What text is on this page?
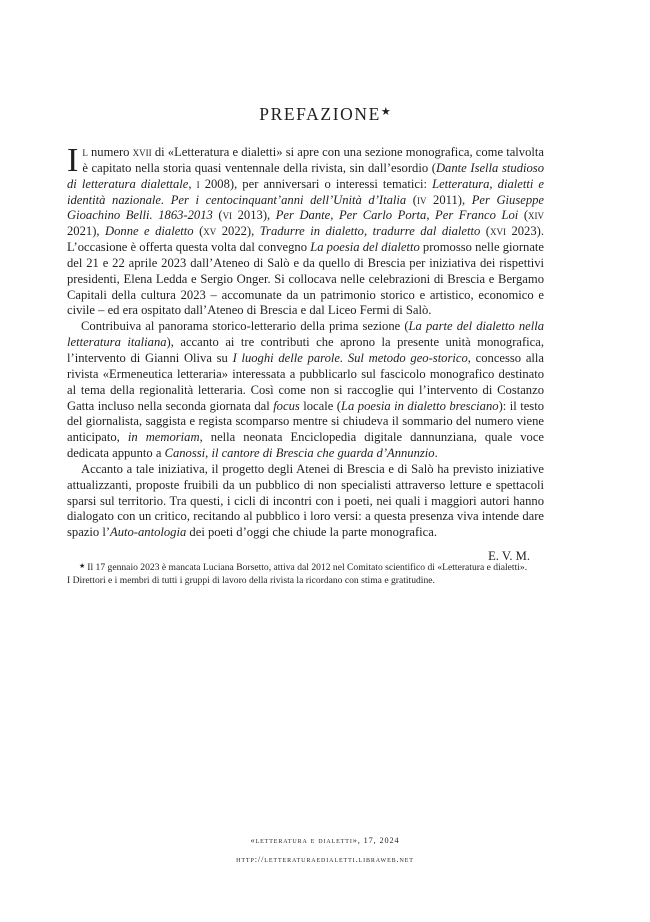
PREFAZIONE★

Il numero xvii di «Letteratura e dialetti» si apre con una sezione monografica, come talvolta è capitato nella storia quasi ventennale della rivista, sin dall’esordio (Dante Isella studioso di letteratura dialettale, i 2008), per anniversari o interessi tematici: Letteratura, dialetti e identità nazionale. Per i centocinquant’anni dell’Unità d’Italia (iv 2011), Per Giuseppe Gioachino Belli. 1863-2013 (vi 2013), Per Dante, Per Carlo Porta, Per Franco Loi (xiv 2021), Donne e dialetto (xv 2022), Tradurre in dialetto, tradurre dal dialetto (xvi 2023). L’occasione è offerta questa volta dal convegno La poesia del dialetto promosso nelle giornate del 21 e 22 aprile 2023 dall’Ateneo di Salò e da quello di Brescia per iniziativa dei rispettivi presidenti, Elena Ledda e Sergio Onger. Si collocava nelle celebrazioni di Brescia e Bergamo Capitali della cultura 2023 – accomunate da un patrimonio storico e artistico, economico e civile – ed era ospitato dall’Ateneo di Brescia e dal Liceo Fermi di Salò.

Contribuiva al panorama storico-letterario della prima sezione (La parte del dialetto nella letteratura italiana), accanto ai tre contributi che aprono la presente unità monografica, l’intervento di Gianni Oliva su I luoghi delle parole. Sul metodo geo-storico, concesso alla rivista «Ermeneutica letteraria» interessata a pubblicarlo sul fascicolo monografico destinato al tema della regionalità letteraria. Così come non si raccoglie qui l’intervento di Costanzo Gatta incluso nella seconda giornata dal focus locale (La poesia in dialetto bresciano): il testo del giornalista, saggista e regista scomparso mentre si chiudeva il sommario del numero viene anticipato, in memoriam, nella neonata Enciclopedia digitale dannunziana, quale voce dedicata appunto a Canossi, il cantore di Brescia che guarda d’Annunzio.

Accanto a tale iniziativa, il progetto degli Atenei di Brescia e di Salò ha previsto iniziative attualizzanti, proposte fruibili da un pubblico di non specialisti attraverso letture e spettacoli sparsi sul territorio. Tra questi, i cicli di incontri con i poeti, nei quali i maggiori autori hanno dialogato con un critico, recitando al pubblico i loro versi: a questa presenza viva intende dare spazio l’Auto-antologia dei poeti d’oggi che chiude la parte monografica.

E. V. M.

★ Il 17 gennaio 2023 è mancata Luciana Borsetto, attiva dal 2012 nel Comitato scientifico di «Letteratura e dialetti».
I Direttori e i membri di tutti i gruppi di lavoro della rivista la ricordano con stima e gratitudine.

«letteratura e dialetti», 17, 2024

http://letteraturaedialetti.libraweb.net
